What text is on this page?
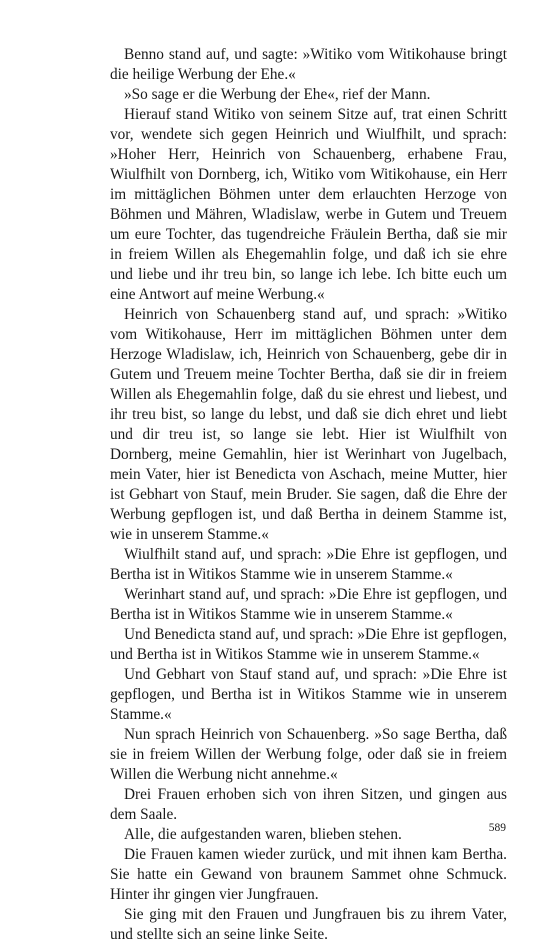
Benno stand auf, und sagte: »Witiko vom Witikohause bringt die heilige Werbung der Ehe.«

»So sage er die Werbung der Ehe«, rief der Mann.

Hierauf stand Witiko von seinem Sitze auf, trat einen Schritt vor, wendete sich gegen Heinrich und Wiulfhilt, und sprach: »Hoher Herr, Heinrich von Schauenberg, erhabene Frau, Wiulfhilt von Dornberg, ich, Witiko vom Witikohause, ein Herr im mittäglichen Böhmen unter dem erlauchten Herzoge von Böhmen und Mähren, Wladislaw, werbe in Gutem und Treuem um eure Tochter, das tugendreiche Fräulein Bertha, daß sie mir in freiem Willen als Ehegemahlin folge, und daß ich sie ehre und liebe und ihr treu bin, so lange ich lebe. Ich bitte euch um eine Antwort auf meine Werbung.«

Heinrich von Schauenberg stand auf, und sprach: »Witiko vom Witikohause, Herr im mittäglichen Böhmen unter dem Herzoge Wladislaw, ich, Heinrich von Schauenberg, gebe dir in Gutem und Treuem meine Tochter Bertha, daß sie dir in freiem Willen als Ehegemahlin folge, daß du sie ehrest und liebest, und ihr treu bist, so lange du lebst, und daß sie dich ehret und liebt und dir treu ist, so lange sie lebt. Hier ist Wiulfhilt von Dornberg, meine Gemahlin, hier ist Werinhart von Jugelbach, mein Vater, hier ist Benedicta von Aschach, meine Mutter, hier ist Gebhart von Stauf, mein Bruder. Sie sagen, daß die Ehre der Werbung gepflogen ist, und daß Bertha in deinem Stamme ist, wie in unserem Stamme.«

Wiulfhilt stand auf, und sprach: »Die Ehre ist gepflogen, und Bertha ist in Witikos Stamme wie in unserem Stamme.«

Werinhart stand auf, und sprach: »Die Ehre ist gepflogen, und Bertha ist in Witikos Stamme wie in unserem Stamme.«

Und Benedicta stand auf, und sprach: »Die Ehre ist gepflogen, und Bertha ist in Witikos Stamme wie in unserem Stamme.«

Und Gebhart von Stauf stand auf, und sprach: »Die Ehre ist gepflogen, und Bertha ist in Witikos Stamme wie in unserem Stamme.«

Nun sprach Heinrich von Schauenberg. »So sage Bertha, daß sie in freiem Willen der Werbung folge, oder daß sie in freiem Willen die Werbung nicht annehme.«

Drei Frauen erhoben sich von ihren Sitzen, und gingen aus dem Saale.

Alle, die aufgestanden waren, blieben stehen.

Die Frauen kamen wieder zurück, und mit ihnen kam Bertha. Sie hatte ein Gewand von braunem Sammet ohne Schmuck. Hinter ihr gingen vier Jungfrauen.

Sie ging mit den Frauen und Jungfrauen bis zu ihrem Vater, und stellte sich an seine linke Seite.

589
